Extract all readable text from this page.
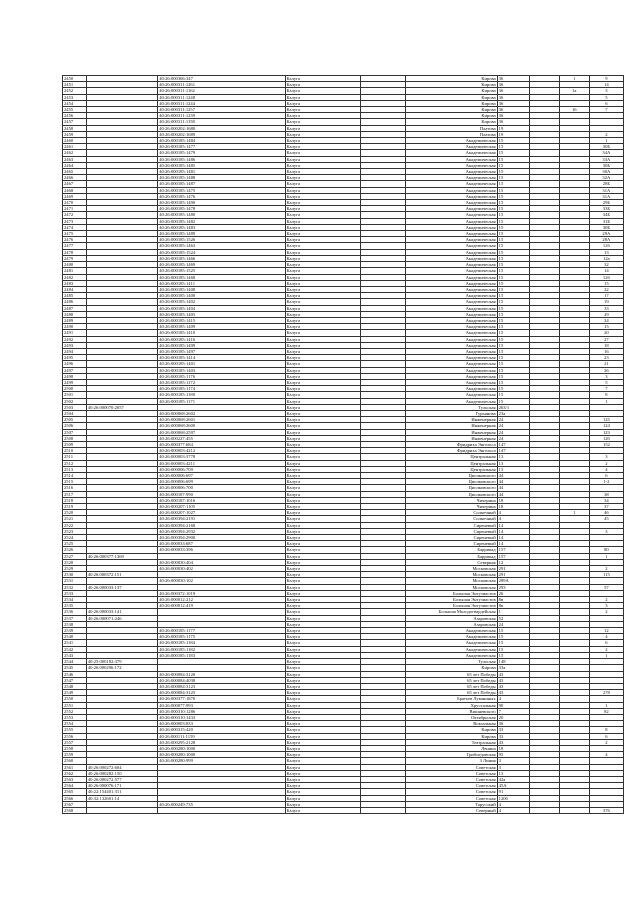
2450		40:26:000366:347	Калуга		Кирова	36		1	9
2451		40:26:000311:1261	Калуга		Кирова	36			14
2452		40:26:000311:1162	Калуга		Кирова	36		1а	3
2453		40:26:000311:1248	Калуга		Кирова	36			5
2454		40:26:000311:1244	Калуга		Кирова	36			6
2455		40:26:000311:1257	Калуга		Кирова	36		16	7
2456		40:26:000311:1239	Калуга		Кирова	36			
2457		40:26:000311:1158	Калуга		Кирова	36			
2458		40:26:000202:1680	Калуга		Платова	19			
2459		40:26:000202:1689	Калуга		Платова	19			2
2460		40:26:000185:1484	Калуга		Академическая	15			1
2461		40:26:000185:1477	Калуга		Академическая	15			30Б
2462		40:26:000185:1479	Калуга		Академическая	15			34А
2463		40:26:000185:1486	Калуга		Академическая	15			33А
2464		40:26:000185:1485	Калуга		Академическая	15			30Б
2465		40:26:000185:1481	Калуга		Академическая	15			30А
2466		40:26:000185:1488	Калуга		Академическая	15			32А
2467		40:26:000185:1487	Калуга		Академическая	15			28Б
2468		40:26:000185:1475	Калуга		Академическая	15			31А
2469		40:26:000185:1476	Калуга		Академическая	15			31А
2470		40:26:000185:1490	Калуга		Академическая	15			29Б
2471		40:26:000185:1478	Калуга		Академическая	15			33Б
2472		40:26:000185:1480	Калуга		Академическая	15			34Б
2473		40:26:000185:1482	Калуга		Академическая	15			31Б
2474		40:26:000185:1483	Калуга		Академическая	15			30Б
2475		40:26:000185:1489	Калуга		Академическая	15			29А
2476		40:26:000185:1526	Калуга		Академическая	15			28А
2477		40:26:000185:1463	Калуга		Академическая	15			12б
2478		40:26:000185:1524	Калуга		Академическая	15			13
2479		40:26:000185:1466	Калуга		Академическая	15			12а
2480		40:26:000185:1469	Калуга		Академическая	15			32
2481		40:26:000185:1525	Калуга		Академическая	15			14
2482		40:26:000185:1468	Калуга		Академическая	15			12б
2483		40:26:000185:1411	Калуга		Академическая	15			15
2484		40:26:000185:1408	Калуга		Академическая	15			22
2485		40:26:000185:1400	Калуга		Академическая	15			17
2486		40:26:000185:1402	Калуга		Академическая	15			19
2487		40:26:000185:1404	Калуга		Академическая	15			33
2488		40:26:000185:1405	Калуга		Академическая	15			29
2489		40:26:000185:1415	Калуга		Академическая	15			24
2490		40:26:000185:1409	Калуга		Академическая	15			15
2491		40:26:000185:1410	Калуга		Академическая	15			20
2492		40:26:000185:1416	Калуга		Академическая	15			27
2493		40:26:000185:1499	Калуга		Академическая	15			18
2494		40:26:000185:1497	Калуга		Академическая	15			16
2495		40:26:000185:1414	Калуга		Академическая	15			23
2496		40:26:000185:1401	Калуга		Академическая	15			21
2497		40:26:000185:1403	Калуга		Академическая	15			26
2498		40:26:000185:1176	Калуга		Академическая	15			3
2499		40:26:000185:1172	Калуга		Академическая	15			5
2500		40:26:000185:1174	Калуга		Академическая	15			7
2501		40:26:000185:1180	Калуга		Академическая	15			8
2502		40:26:000185:1171	Калуга		Академическая	15			1
2503	40:26:000070:2057		Калуга		Тульская	263/1			
2504		40:26:000068:2602	Калуга		Гурьянова	23а			
2505		40:26:000068:2601	Калуга		Инженерная	24			125
2506		40:26:000068:2600	Калуга		Инженерная	24			124
2507		40:26:000068:2597	Калуга		Инженерная	24			123
2508		40:26:000227:455	Калуга		Инженерная	24			120
2509		40:26:000377:684	Калуга		Фридриха Энгельса	147			152
2510		40:26:000003:4212	Калуга		Фридриха Энгельса	147			
2511		40:26:000003:3778	Калуга		Центральная	13			3
2512		40:26:000003:4211	Калуга		Центральная	13			2
2513		40:26:000006:709	Калуга		Центральная	13			4
2514		40:26:000006:697	Калуга		Циолковского	44			6
2515		40:26:000006:699	Калуга		Циолковского	44			1-2
2516		40:26:000006:700	Калуга		Циолковского	44			
2517		40:26:000187:990	Калуга		Циолковского	44			38
2518		40:26:000187:1016	Калуга		Чичерина	18			34
2519		40:26:000207:1105	Калуга		Чичерина	18			37
2520		40:26:000207:1027	Калуга		Солнечный	4		1	46
2521		40:26:000394:2191	Калуга		Солнечный	4			45
2522		40:26:000394:2168	Калуга		Сиреневый	14			
2523		40:26:000394:2932	Калуга		Сиреневый	14			3
2524		40:26:000394:2900	Калуга		Сиреневый	14			
2525		40:26:000033:687	Калуга		Сиреневый	14			
2526		40:26:000033:396	Калуга		Баррикад	157			80
2527	40:26:000377:1369		Калуга		Баррикад	157			1
2528		40:26:000030:404	Калуга		Северная	12			
2529		40:26:000030:402	Калуга		Московская	291			2
2530	40:26:000372:151		Калуга		Московская	291			115
2531		40:26:000030:102	Калуга		Московская	289А			
2532	40:26:000033:137		Калуга		Московская	293			57
2533		40:26:000372:1019	Калуга		Большая Энтузиастов	26			
2534		40:26:000012:212	Калуга		Большая Энтузиастов	8в			2
2535		40:26:000012:419	Калуга		Большая Энтузиастов	8в			3
2536	40:26:000033:141		Калуга		Большая Молодогвардейская	1			2
2537	40:26:000071:246		Калуга		Азаровская	52			
2538			Калуга		Азаровская	24			
2539		40:26:000185:1177	Калуга		Академическая	15			12
2540		40:26:000185:1175	Калуга		Академическая	15			4
2541		40:26:000185:1184	Калуга		Академическая	15			6
2542		40:26:000185:1182	Калуга		Академическая	15			2
2543		40:26:000185:1183	Калуга		Академическая	15			1
2544	40:25:000182:379		Калуга		Тульская	148			
2545	40:26:000296:172		Калуга		Кирова	33а			
2546		40:26:000084:3120	Калуга		65 лет Победы	43			
2547		40:26:000084:4038	Калуга		65 лет Победы	43			
2548		40:26:000084:3123	Калуга		65 лет Победы	43			
2549		40:26:000084:3125	Калуга		65 лет Победы	43			278
2550		40:26:000377:1870	Калуга		Братьев Луканиных	4			
2551		40:26:000077:993	Калуга		Хрустальная	90			1
2552		40:26:000310:1286	Калуга		Вишневского	7			82
2553		40:26:000310:1433	Калуга		Октябрьская	20			
2554		40:26:000003:833	Калуга		Вокзальная	36			
2555		40:26:000315:420	Калуга		Кирова	33			8
2556		40:26:000111:1159	Калуга		Кирова	33			6
2557		40:26:000295:2128	Калуга		Театральная	43			2
2558		40:26:000280:1000	Калуга		Ленина	18			
2559		40:26:000280:1000	Калуга		Грибоедовская	95			4
2560		40:26:000280:999	Калуга		3 Линия	3			
2561	40:26:000272:604		Калуга		Советская	3			
2562	40:26:000282:150		Калуга		Советская	13			
2563	40:26:000272:577		Калуга		Советская	42а			
2564	40:26:000076:171		Калуга		Советская	45А			
2565	40:22:154401:311		Калуга		Советская	91			
2566	40:32:132601:14		Калуга		Советская	120б			
2567		40:26:000249:735	Калуга		Тарусский	4			
2568			Калуга		Северный	4			376
